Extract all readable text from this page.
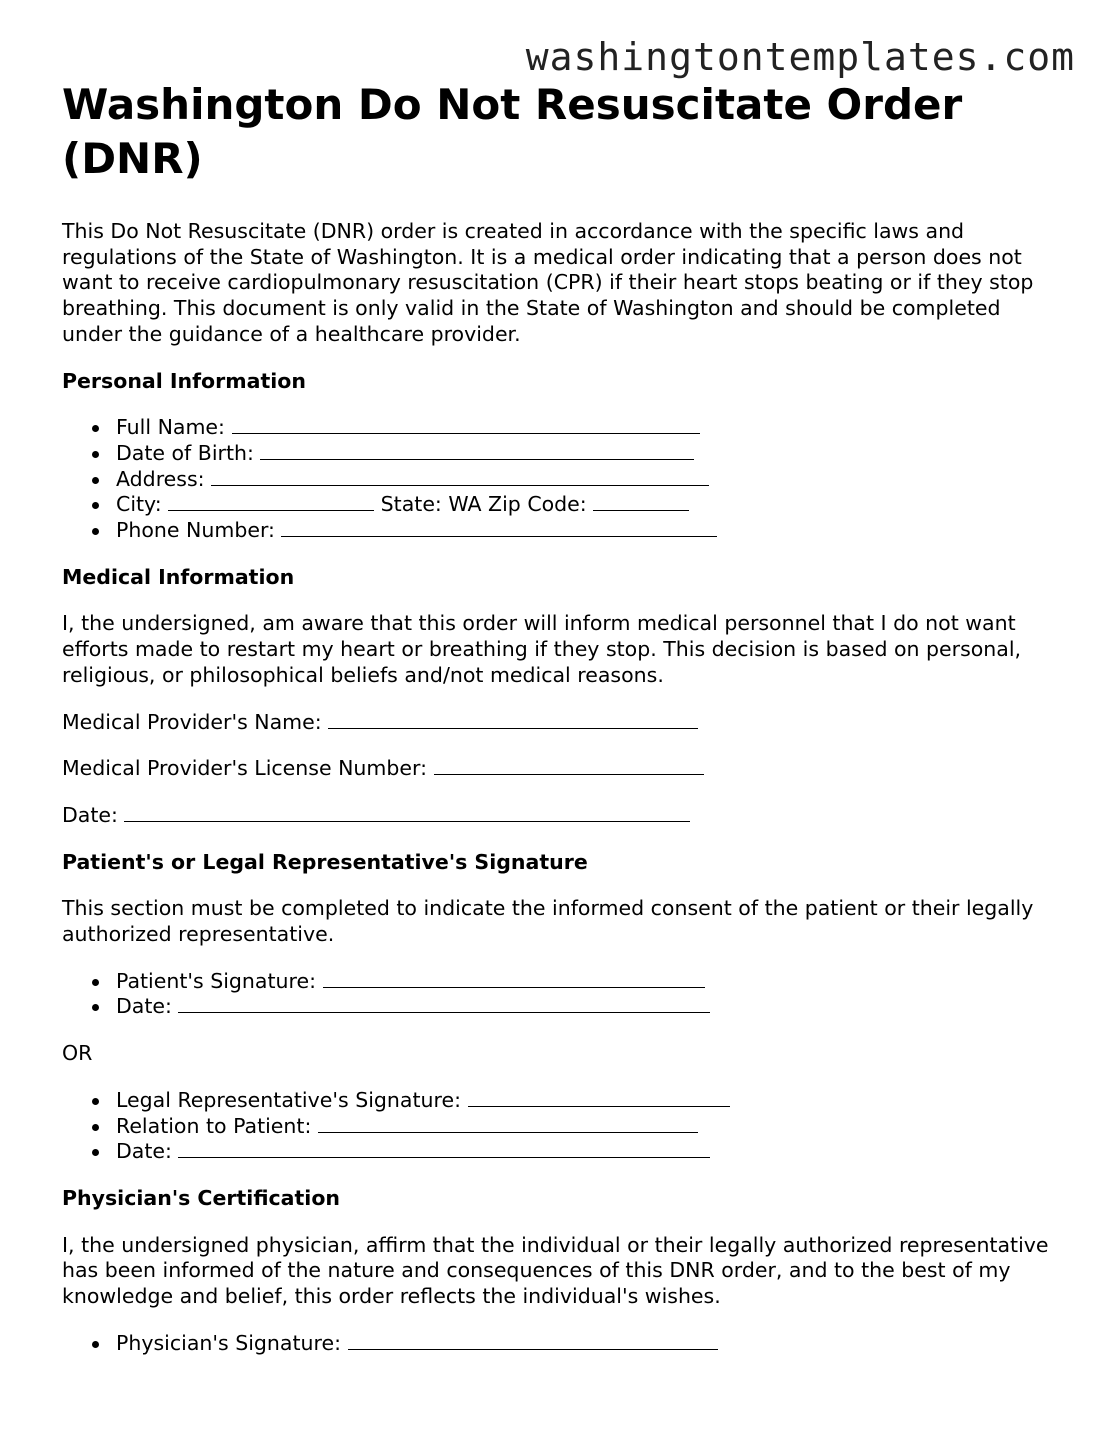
washingtontemplates.com
Washington Do Not Resuscitate Order (DNR)

This Do Not Resuscitate (DNR) order is created in accordance with the specific laws and regulations of the State of Washington. It is a medical order indicating that a person does not want to receive cardiopulmonary resuscitation (CPR) if their heart stops beating or if they stop breathing. This document is only valid in the State of Washington and should be completed under the guidance of a healthcare provider.

Personal Information
Full Name:
Date of Birth:
Address:
City:	State: WA Zip Code:
Phone Number:
Medical Information

I, the undersigned, am aware that this order will inform medical personnel that I do not want efforts made to restart my heart or breathing if they stop. This decision is based on personal, religious, or philosophical beliefs and/not medical reasons.

Medical Provider's Name:

Medical Provider's License Number:

Date:

Patient's or Legal Representative's Signature

This section must be completed to indicate the informed consent of the patient or their legally authorized representative.

Patient's Signature:
Date:

OR

Legal Representative's Signature:
Relation to Patient:
Date:
Physician's Certification

I, the undersigned physician, affirm that the individual or their legally authorized representative has been informed of the nature and consequences of this DNR order, and to the best of my knowledge and belief, this order reflects the individual's wishes.

Physician's Signature:
